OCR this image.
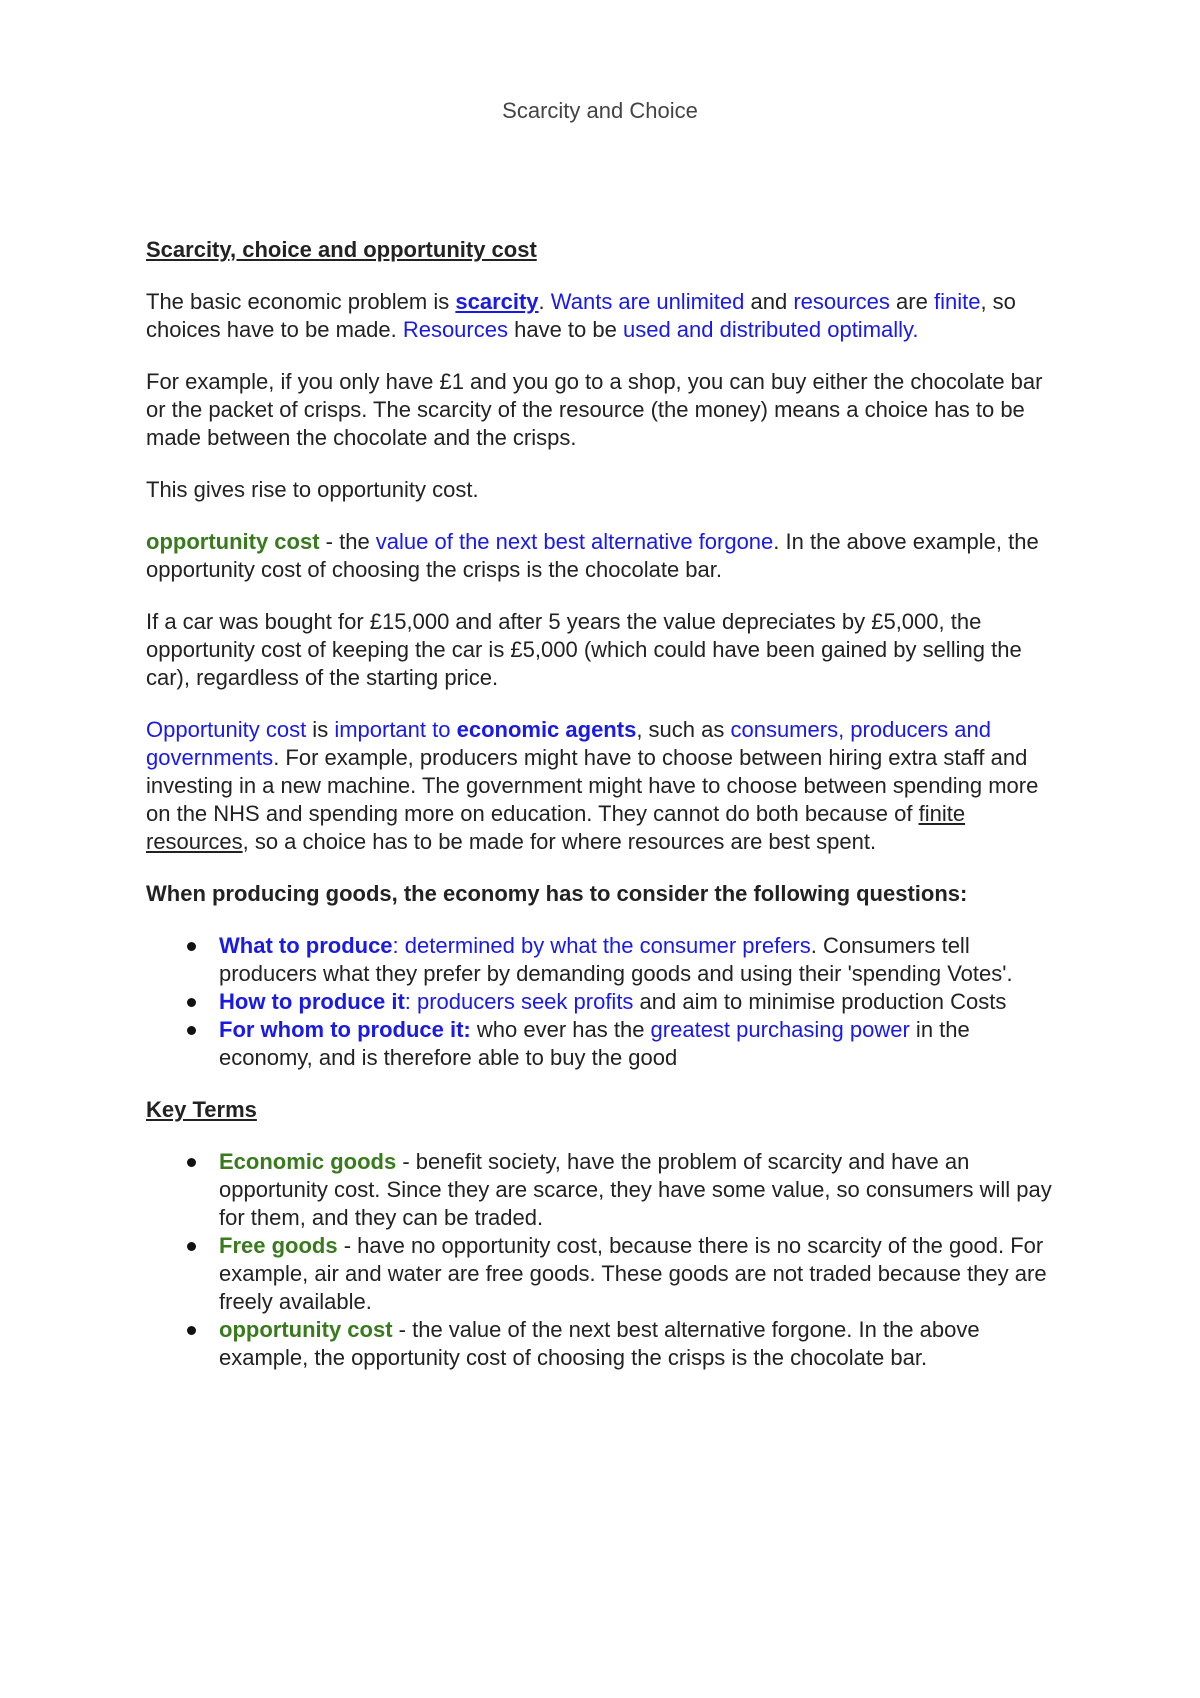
Scarcity and Choice

Scarcity, choice and opportunity cost

The basic economic problem is scarcity. Wants are unlimited and resources are finite, so choices have to be made. Resources have to be used and distributed optimally.

For example, if you only have £1 and you go to a shop, you can buy either the chocolate bar or the packet of crisps. The scarcity of the resource (the money) means a choice has to be made between the chocolate and the crisps.

This gives rise to opportunity cost.

opportunity cost - the value of the next best alternative forgone. In the above example, the opportunity cost of choosing the crisps is the chocolate bar.

If a car was bought for £15,000 and after 5 years the value depreciates by £5,000, the opportunity cost of keeping the car is £5,000 (which could have been gained by selling the car), regardless of the starting price.

Opportunity cost is important to economic agents, such as consumers, producers and governments. For example, producers might have to choose between hiring extra staff and investing in a new machine. The government might have to choose between spending more on the NHS and spending more on education. They cannot do both because of finite resources, so a choice has to be made for where resources are best spent.

When producing goods, the economy has to consider the following questions:

What to produce: determined by what the consumer prefers. Consumers tell producers what they prefer by demanding goods and using their 'spending Votes'.
How to produce it: producers seek profits and aim to minimise production Costs
For whom to produce it: who ever has the greatest purchasing power in the economy, and is therefore able to buy the good

Key Terms

Economic goods - benefit society, have the problem of scarcity and have an opportunity cost. Since they are scarce, they have some value, so consumers will pay for them, and they can be traded.
Free goods - have no opportunity cost, because there is no scarcity of the good. For example, air and water are free goods. These goods are not traded because they are freely available.
opportunity cost - the value of the next best alternative forgone. In the above example, the opportunity cost of choosing the crisps is the chocolate bar.
